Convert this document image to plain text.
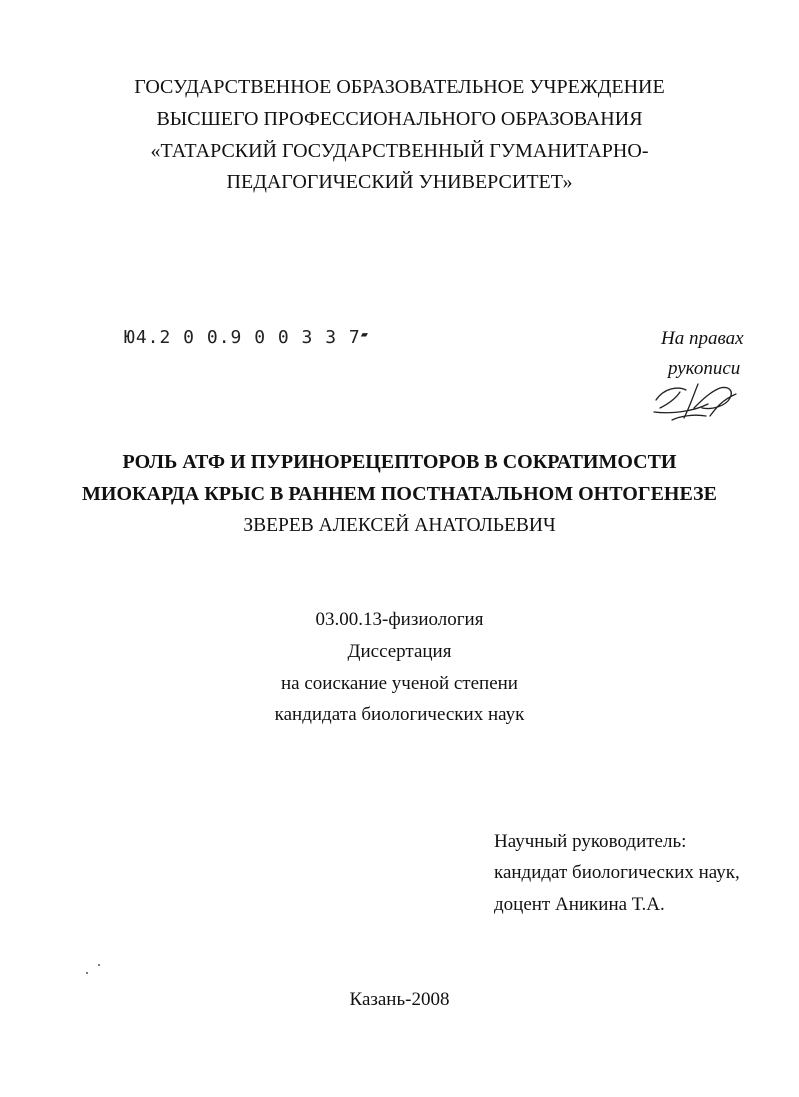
ГОСУДАРСТВЕННОЕ ОБРАЗОВАТЕЛЬНОЕ УЧРЕЖДЕНИЕ
ВЫСШЕГО ПРОФЕССИОНАЛЬНОГО ОБРАЗОВАНИЯ
«ТАТАРСКИЙ ГОСУДАРСТВЕННЫЙ ГУМАНИТАРНО-
ПЕДАГОГИЧЕСКИЙ УНИВЕРСИТЕТ»
Ю4.2 0 0.9 0 0 3 3 7▰	На правах
рукописи
РОЛЬ АТФ И ПУРИНОРЕЦЕПТОРОВ В СОКРАТИМОСТИ
МИОКАРДА КРЫС В РАННЕМ ПОСТНАТАЛЬНОМ ОНТОГЕНЕЗЕ
ЗВЕРЕВ АЛЕКСЕЙ АНАТОЛЬЕВИЧ
03.00.13-физиология
Диссертация
на соискание ученой степени
кандидата биологических наук
Научный руководитель:
кандидат биологических наук,
доцент Аникина Т.А.
Казань-2008
